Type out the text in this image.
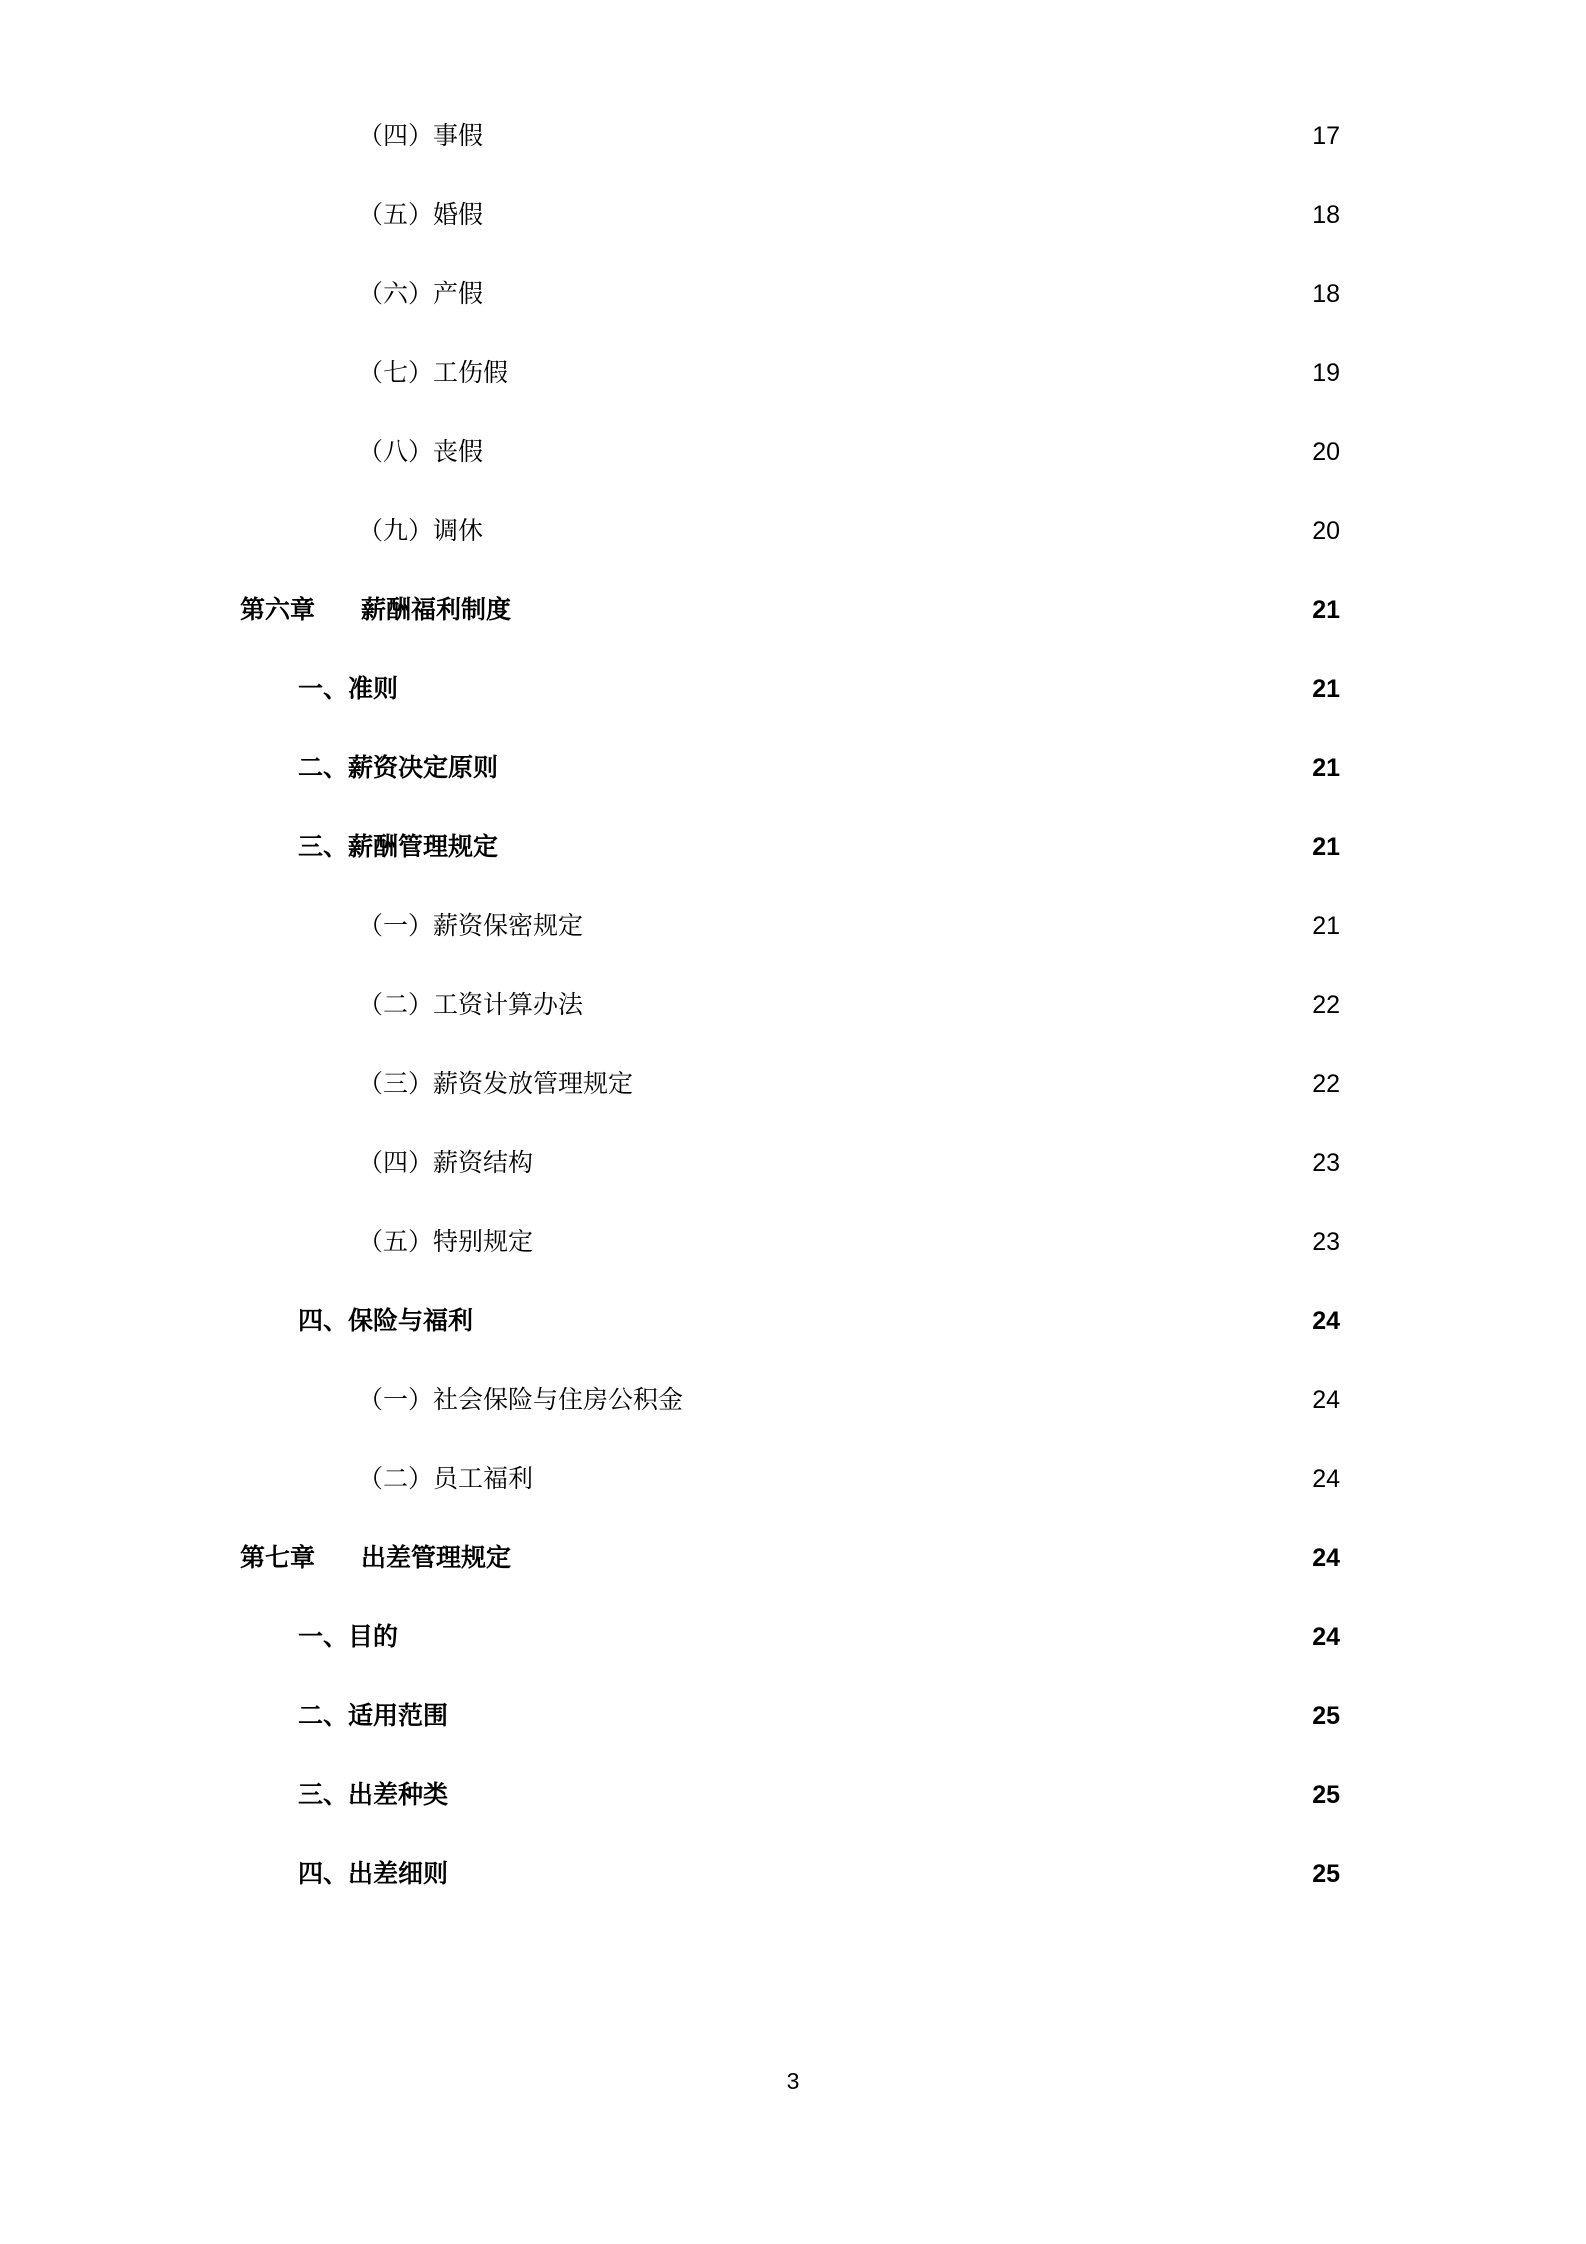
（四）事假 .....	17
（五）婚假 .....	18
（六）产假 .....	18
（七）工伤假 .....	19
（八）丧假 .....	20
（九）调休 .....	20
第六章 薪酬福利制度 .....	21
一、准则 .....	21
二、薪资决定原则 .....	21
三、薪酬管理规定 .....	21
（一）薪资保密规定 .....	21
（二）工资计算办法 .....	22
（三）薪资发放管理规定 .....	22
（四）薪资结构 .....	23
（五）特别规定 .....	23
四、保险与福利 .....	24
（一）社会保险与住房公积金 .....	24
（二）员工福利 .....	24
第七章 出差管理规定 .....	24
一、目的 .....	24
二、适用范围 .....	25
三、出差种类 .....	25
四、出差细则 .....	25
3
